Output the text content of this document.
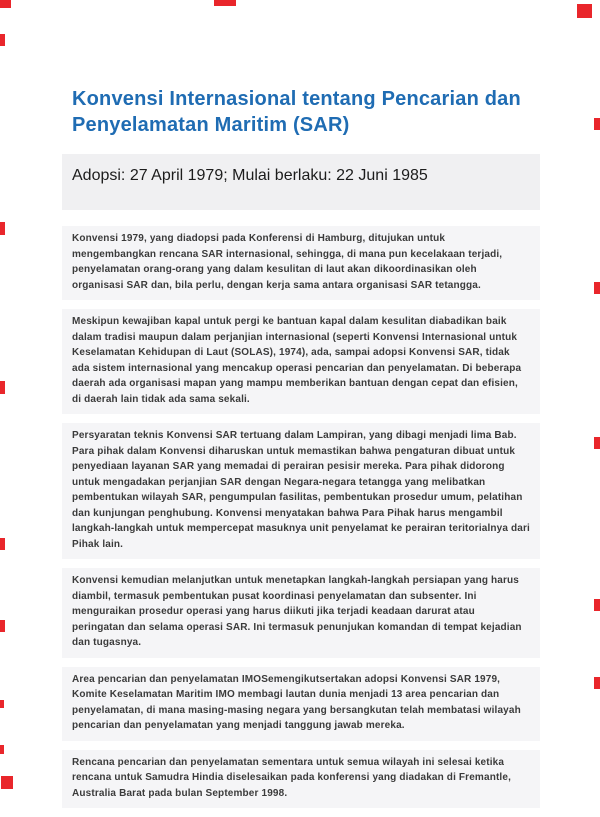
Konvensi Internasional tentang Pencarian dan Penyelamatan Maritim (SAR)
Adopsi: 27 April 1979; Mulai berlaku: 22 Juni 1985

Konvensi 1979, yang diadopsi pada Konferensi di Hamburg, ditujukan untuk mengembangkan rencana SAR internasional, sehingga, di mana pun kecelakaan terjadi, penyelamatan orang-orang yang dalam kesulitan di laut akan dikoordinasikan oleh organisasi SAR dan, bila perlu, dengan kerja sama antara organisasi SAR tetangga.

Meskipun kewajiban kapal untuk pergi ke bantuan kapal dalam kesulitan diabadikan baik dalam tradisi maupun dalam perjanjian internasional (seperti Konvensi Internasional untuk Keselamatan Kehidupan di Laut (SOLAS), 1974), ada, sampai adopsi Konvensi SAR, tidak ada sistem internasional yang mencakup operasi pencarian dan penyelamatan. Di beberapa daerah ada organisasi mapan yang mampu memberikan bantuan dengan cepat dan efisien, di daerah lain tidak ada sama sekali.

Persyaratan teknis Konvensi SAR tertuang dalam Lampiran, yang dibagi menjadi lima Bab. Para pihak dalam Konvensi diharuskan untuk memastikan bahwa pengaturan dibuat untuk penyediaan layanan SAR yang memadai di perairan pesisir mereka. Para pihak didorong untuk mengadakan perjanjian SAR dengan Negara-negara tetangga yang melibatkan pembentukan wilayah SAR, pengumpulan fasilitas, pembentukan prosedur umum, pelatihan dan kunjungan penghubung. Konvensi menyatakan bahwa Para Pihak harus mengambil langkah-langkah untuk mempercepat masuknya unit penyelamat ke perairan teritorialnya dari Pihak lain.

Konvensi kemudian melanjutkan untuk menetapkan langkah-langkah persiapan yang harus diambil, termasuk pembentukan pusat koordinasi penyelamatan dan subsenter. Ini menguraikan prosedur operasi yang harus diikuti jika terjadi keadaan darurat atau peringatan dan selama operasi SAR. Ini termasuk penunjukan komandan di tempat kejadian dan tugasnya.

Area pencarian dan penyelamatan IMOSemengikutsertakan adopsi Konvensi SAR 1979, Komite Keselamatan Maritim IMO membagi lautan dunia menjadi 13 area pencarian dan penyelamatan, di mana masing-masing negara yang bersangkutan telah membatasi wilayah pencarian dan penyelamatan yang menjadi tanggung jawab mereka.

Rencana pencarian dan penyelamatan sementara untuk semua wilayah ini selesai ketika rencana untuk Samudra Hindia diselesaikan pada konferensi yang diadakan di Fremantle, Australia Barat pada bulan September 1998.
